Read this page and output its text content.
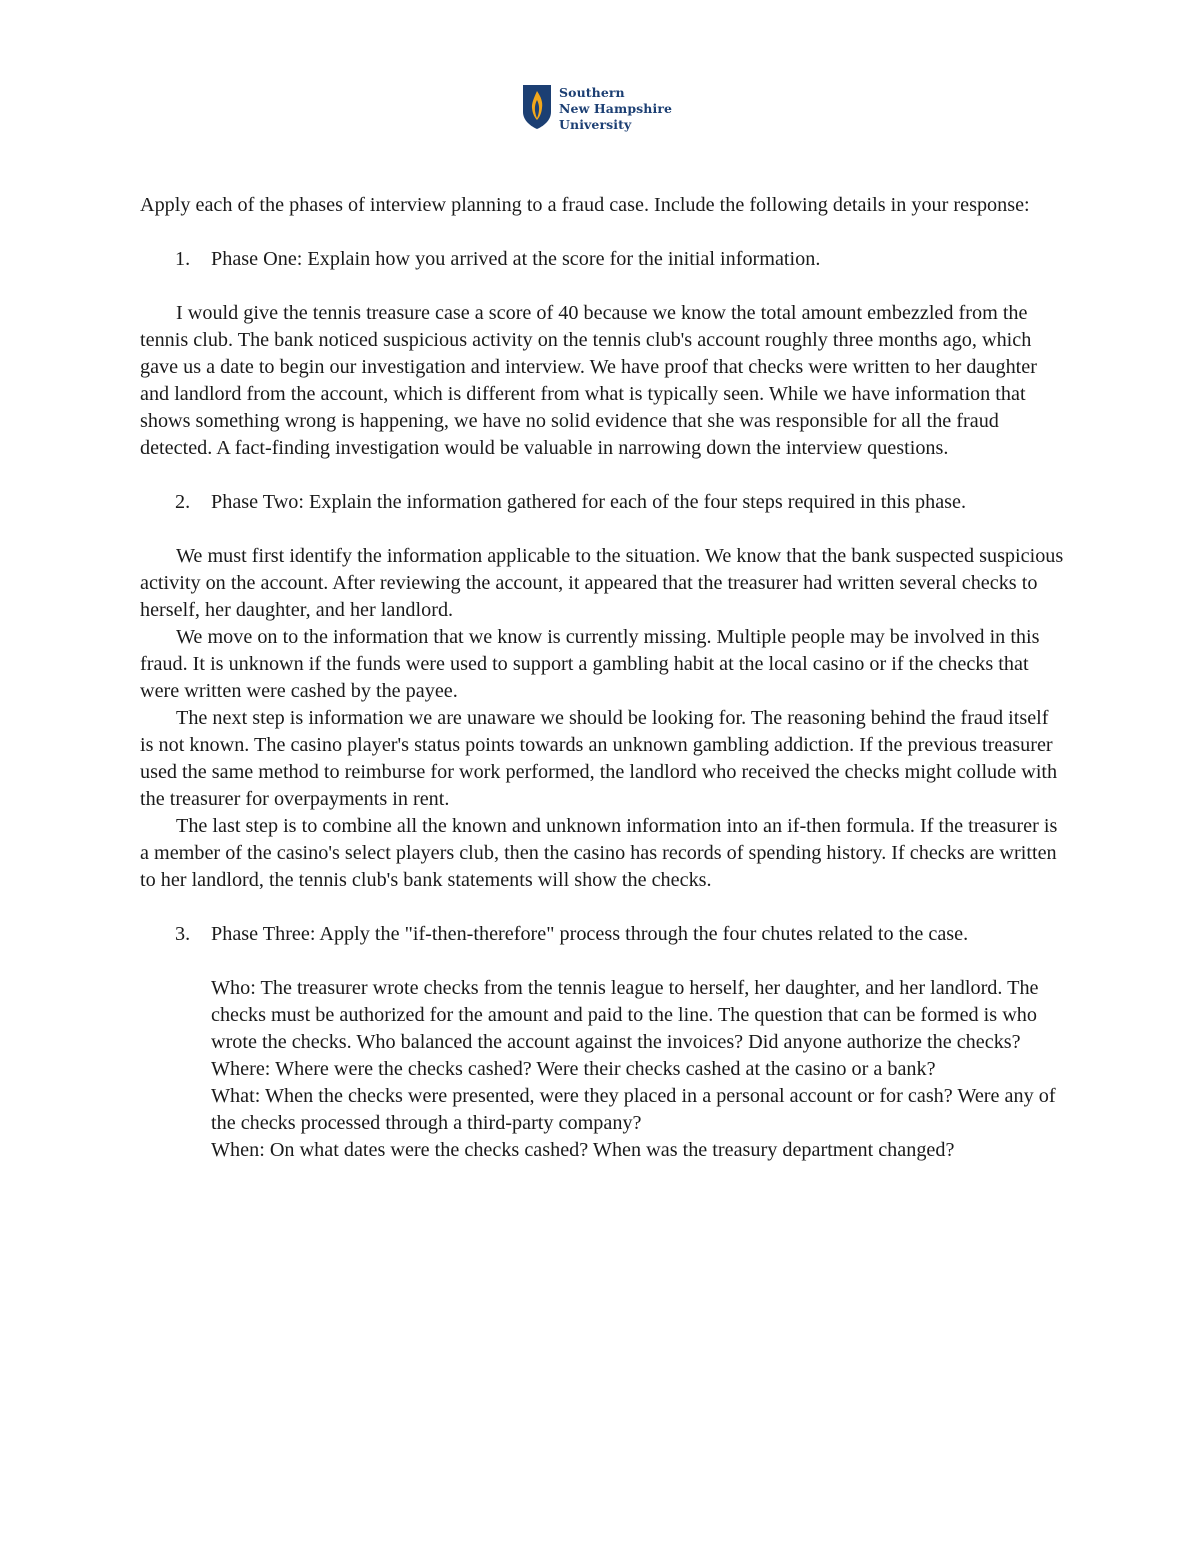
Southern
New Hampshire
University

Apply each of the phases of interview planning to a fraud case. Include the following details in your response:

1.	Phase One: Explain how you arrived at the score for the initial information.

I would give the tennis treasure case a score of 40 because we know the total amount embezzled from the tennis club. The bank noticed suspicious activity on the tennis club's account roughly three months ago, which gave us a date to begin our investigation and interview. We have proof that checks were written to her daughter and landlord from the account, which is different from what is typically seen. While we have information that shows something wrong is happening, we have no solid evidence that she was responsible for all the fraud detected. A fact-finding investigation would be valuable in narrowing down the interview questions.

2.	Phase Two: Explain the information gathered for each of the four steps required in this phase.

We must first identify the information applicable to the situation. We know that the bank suspected suspicious activity on the account. After reviewing the account, it appeared that the treasurer had written several checks to herself, her daughter, and her landlord.

We move on to the information that we know is currently missing. Multiple people may be involved in this fraud. It is unknown if the funds were used to support a gambling habit at the local casino or if the checks that were written were cashed by the payee.

The next step is information we are unaware we should be looking for. The reasoning behind the fraud itself is not known. The casino player's status points towards an unknown gambling addiction. If the previous treasurer used the same method to reimburse for work performed, the landlord who received the checks might collude with the treasurer for overpayments in rent.

The last step is to combine all the known and unknown information into an if-then formula. If the treasurer is a member of the casino's select players club, then the casino has records of spending history. If checks are written to her landlord, the tennis club's bank statements will show the checks.

3.	Phase Three: Apply the "if-then-therefore" process through the four chutes related to the case.

Who: The treasurer wrote checks from the tennis league to herself, her daughter, and her landlord. The checks must be authorized for the amount and paid to the line. The question that can be formed is who wrote the checks. Who balanced the account against the invoices? Did anyone authorize the checks?

Where: Where were the checks cashed? Were their checks cashed at the casino or a bank?

What: When the checks were presented, were they placed in a personal account or for cash? Were any of the checks processed through a third-party company?

When: On what dates were the checks cashed? When was the treasury department changed?
